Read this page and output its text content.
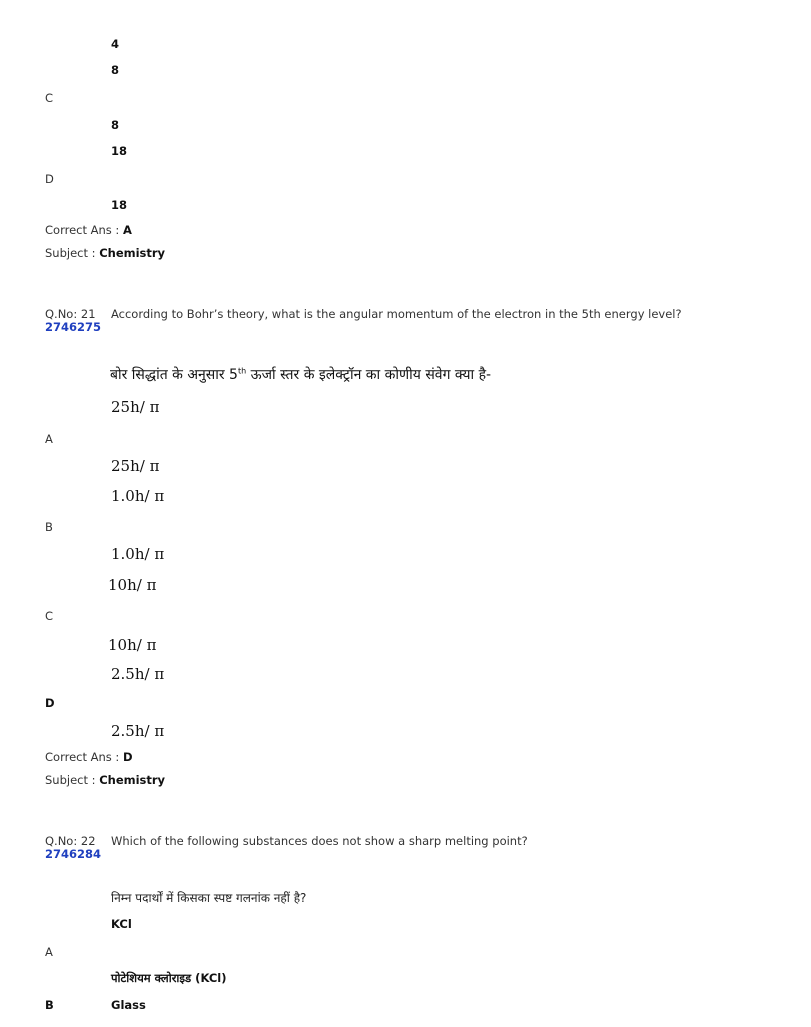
4
8
C
8
18
D
18
Correct Ans : A
Subject : Chemistry
Q.No: 21 According to Bohr’s theory, what is the angular momentum of the electron in the 5th energy level?
2746275
बोर सिद्धांत के अनुसार 5th ऊर्जा स्तर के इलेक्ट्रॉन का कोणीय संवेग क्या है-
25h/ π
A
25h/ π
1.0h/ π
B
1.0h/ π
10h/ π
C
10h/ π
2.5h/ π
D
2.5h/ π
Correct Ans : D
Subject : Chemistry
Q.No: 22 Which of the following substances does not show a sharp melting point?
2746284
निम्न पदार्थों में किसका स्पष्ट गलनांक नहीं है?
KCl
A
पोटेशियम क्लोराइड (KCl)
B	Glass
